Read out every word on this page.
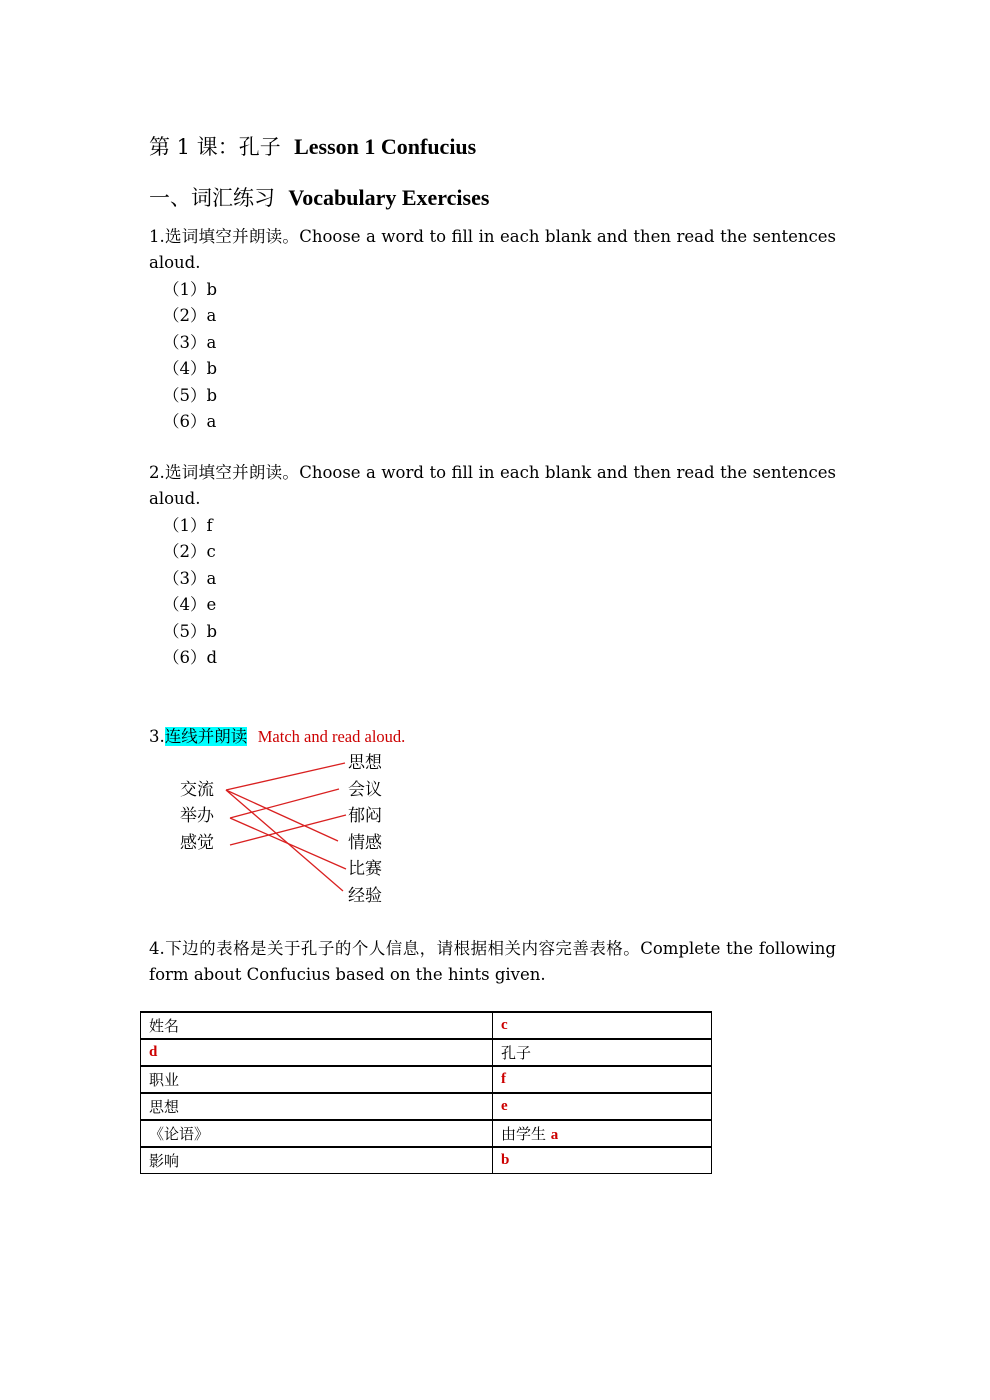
第 1 课：孔子 Lesson 1 Confucius
一、词汇练习 Vocabulary Exercises
1.选词填空并朗读。Choose a word to fill in each blank and then read the sentences aloud.
（1）b
（2）a
（3）a
（4）b
（5）b
（6）a
2.选词填空并朗读。Choose a word to fill in each blank and then read the sentences aloud.
（1）f
（2）c
（3）a
（4）e
（5）b
（6）d
3.连线并朗读 Match and read aloud.
交流
举办
感觉
思想
会议
郁闷
情感
比赛
经验
4.下边的表格是关于孔子的个人信息，请根据相关内容完善表格。Complete the following form about Confucius based on the hints given.
姓名	c
d	孔子
职业	f
思想	e
《论语》	由学生 a
影响	b
